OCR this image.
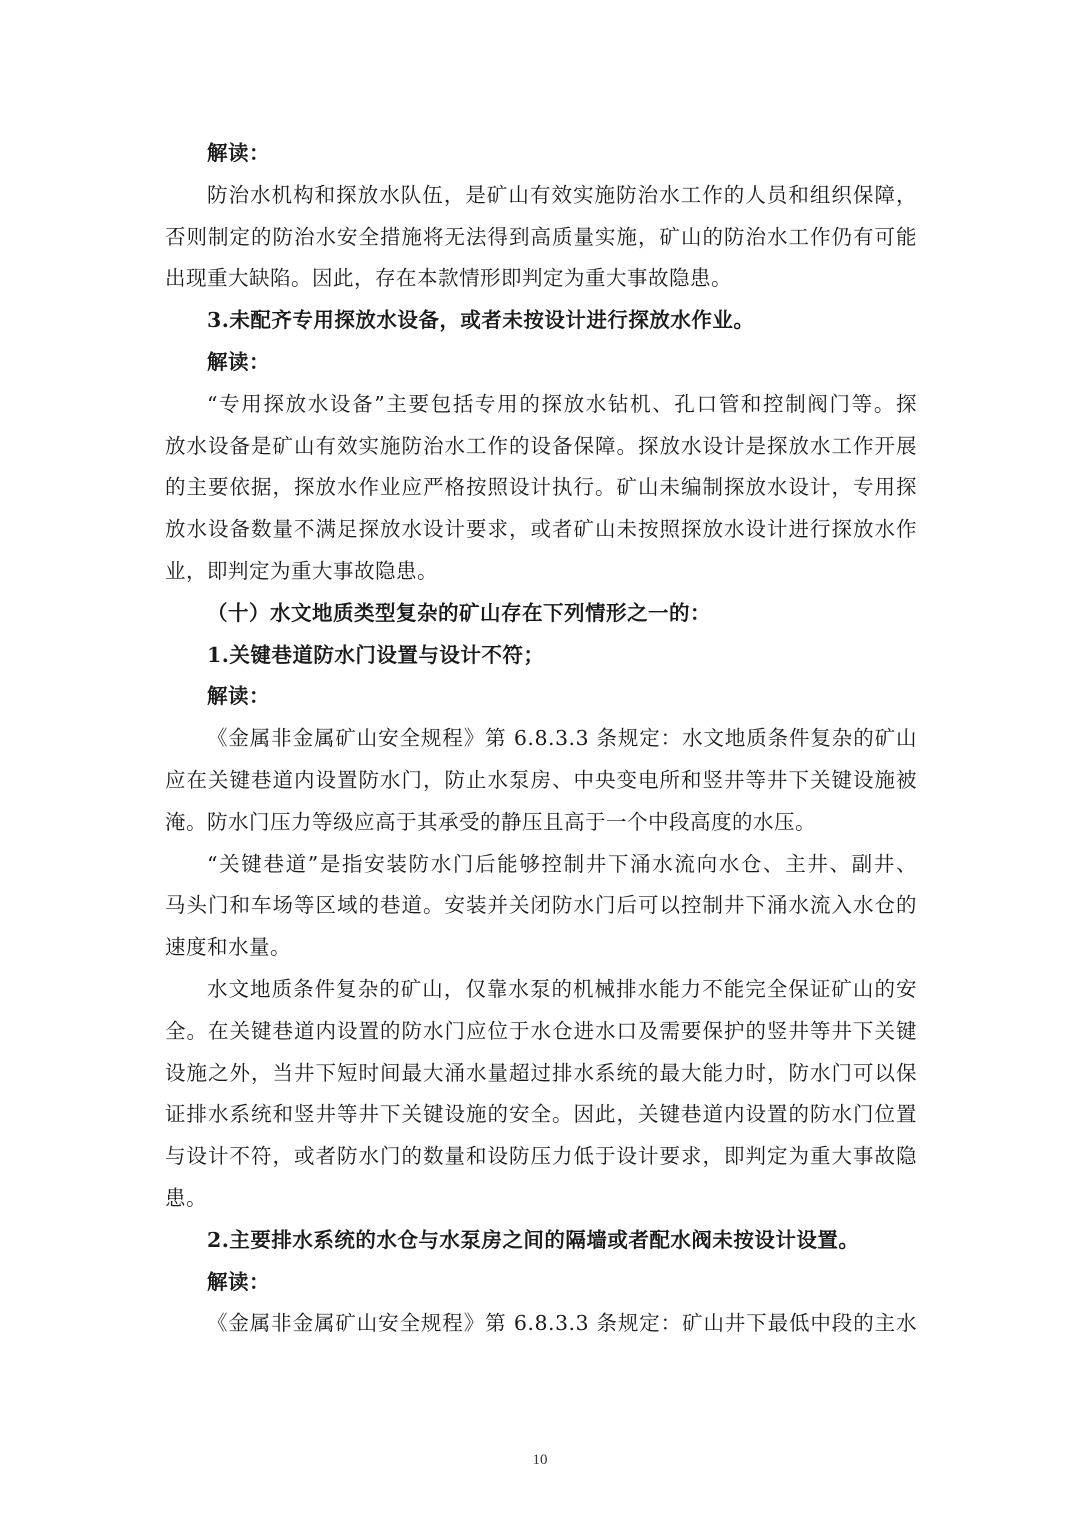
解读：
防治水机构和探放水队伍，是矿山有效实施防治水工作的人员和组织保障，
否则制定的防治水安全措施将无法得到高质量实施，矿山的防治水工作仍有可能
出现重大缺陷。因此，存在本款情形即判定为重大事故隐患。
3.未配齐专用探放水设备，或者未按设计进行探放水作业。
解读：
“专用探放水设备”主要包括专用的探放水钻机、孔口管和控制阀门等。探
放水设备是矿山有效实施防治水工作的设备保障。探放水设计是探放水工作开展
的主要依据，探放水作业应严格按照设计执行。矿山未编制探放水设计，专用探
放水设备数量不满足探放水设计要求，或者矿山未按照探放水设计进行探放水作
业，即判定为重大事故隐患。
（十）水文地质类型复杂的矿山存在下列情形之一的：
1.关键巷道防水门设置与设计不符；
解读：
《金属非金属矿山安全规程》第 6.8.3.3 条规定：水文地质条件复杂的矿山
应在关键巷道内设置防水门，防止水泵房、中央变电所和竖井等井下关键设施被
淹。防水门压力等级应高于其承受的静压且高于一个中段高度的水压。
“关键巷道”是指安装防水门后能够控制井下涌水流向水仓、主井、副井、
马头门和车场等区域的巷道。安装并关闭防水门后可以控制井下涌水流入水仓的
速度和水量。
水文地质条件复杂的矿山，仅靠水泵的机械排水能力不能完全保证矿山的安
全。在关键巷道内设置的防水门应位于水仓进水口及需要保护的竖井等井下关键
设施之外，当井下短时间最大涌水量超过排水系统的最大能力时，防水门可以保
证排水系统和竖井等井下关键设施的安全。因此，关键巷道内设置的防水门位置
与设计不符，或者防水门的数量和设防压力低于设计要求，即判定为重大事故隐
患。
2.主要排水系统的水仓与水泵房之间的隔墙或者配水阀未按设计设置。
解读：
《金属非金属矿山安全规程》第 6.8.3.3 条规定：矿山井下最低中段的主水
10
